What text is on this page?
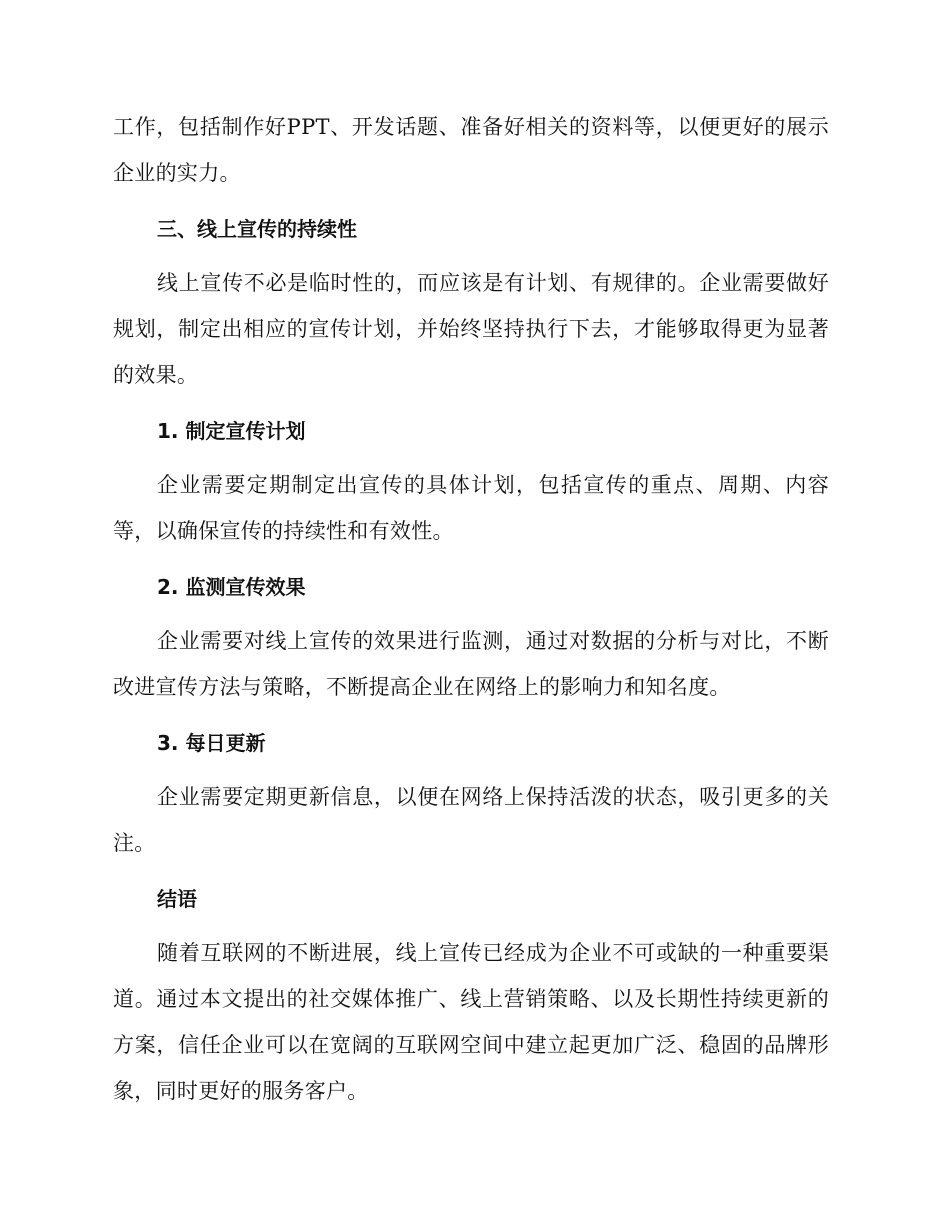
工作，包括制作好PPT、开发话题、准备好相关的资料等，以便更好的展示企业的实力。

三、线上宣传的持续性

线上宣传不必是临时性的，而应该是有计划、有规律的。企业需要做好规划，制定出相应的宣传计划，并始终坚持执行下去，才能够取得更为显著的效果。

1. 制定宣传计划

企业需要定期制定出宣传的具体计划，包括宣传的重点、周期、内容等，以确保宣传的持续性和有效性。

2. 监测宣传效果

企业需要对线上宣传的效果进行监测，通过对数据的分析与对比，不断改进宣传方法与策略，不断提高企业在网络上的影响力和知名度。

3. 每日更新

企业需要定期更新信息，以便在网络上保持活泼的状态，吸引更多的关注。

结语

随着互联网的不断进展，线上宣传已经成为企业不可或缺的一种重要渠道。通过本文提出的社交媒体推广、线上营销策略、以及长期性持续更新的方案，信任企业可以在宽阔的互联网空间中建立起更加广泛、稳固的品牌形象，同时更好的服务客户。
